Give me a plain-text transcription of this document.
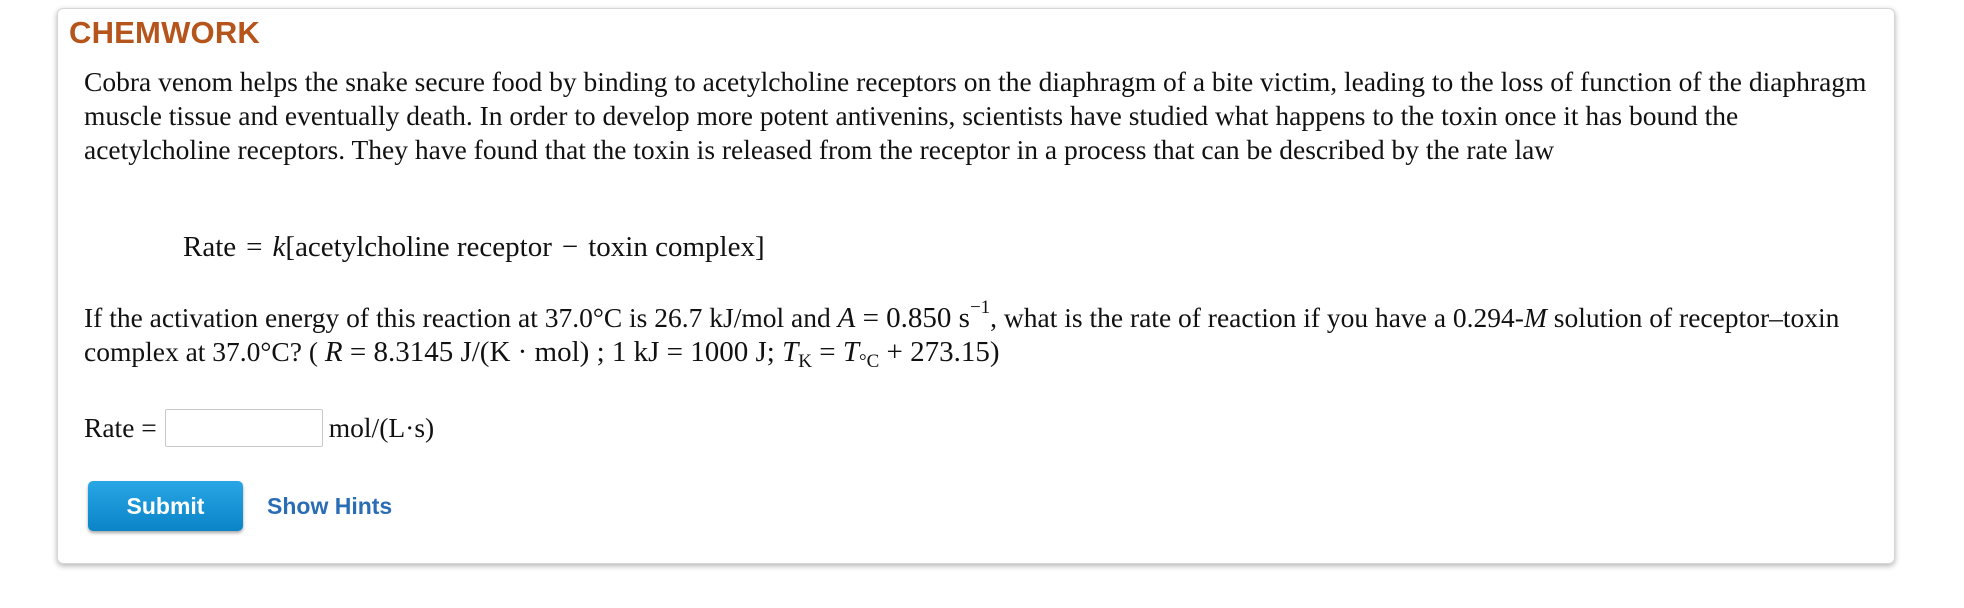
CHEMWORK
Cobra venom helps the snake secure food by binding to acetylcholine receptors on the diaphragm of a bite victim, leading to the loss of function of the diaphragm muscle tissue and eventually death. In order to develop more potent antivenins, scientists have studied what happens to the toxin once it has bound the acetylcholine receptors. They have found that the toxin is released from the receptor in a process that can be described by the rate law
Rate = k[acetylcholine receptor − toxin complex]
If the activation energy of this reaction at 37.0°C is 26.7 kJ/mol and A = 0.850 $s^{-1}$, what is the rate of reaction if you have a 0.294-M solution of receptor–toxin complex at 37.0°C? ( R = 8.3145 J/(K · mol) ; 1 kJ = 1000 J; $T_K = T_{^\circ C} + 273.15$)
Rate =	mol/(L·s)
Submit	Show Hints
